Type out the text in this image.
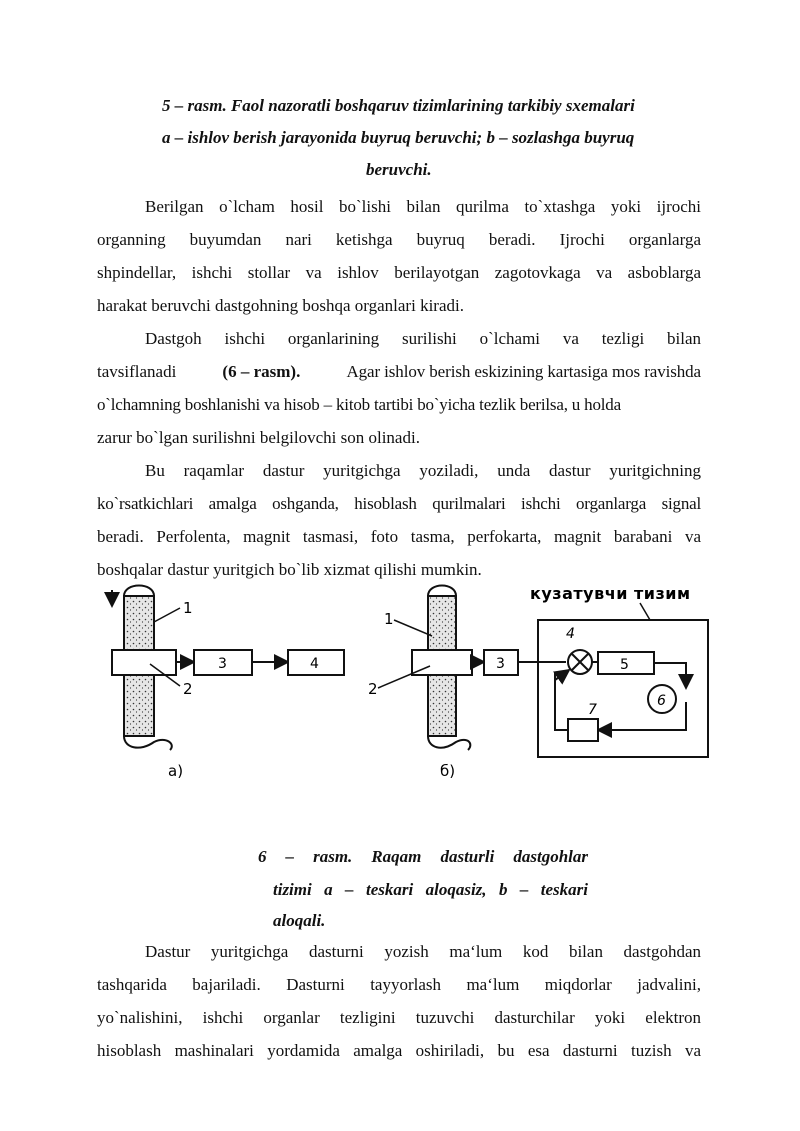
5 – rasm. Faol nazoratli boshqaruv tizimlarining tarkibiy sxemalari
a – ishlov berish jarayonida buyruq beruvchi; b – sozlashga buyruq
beruvchi.
Berilgan o`lcham hosil bo`lishi bilan qurilma to`xtashga yoki ijrochi
organning buyumdan nari ketishga buyruq beradi. Ijrochi organlarga
shpindellar, ishchi stollar va ishlov berilayotgan zagotovkaga va asboblarga
harakat beruvchi dastgohning boshqa organlari kiradi.
Dastgoh ishchi organlarining surilishi o`lchami va tezligi bilan
tavsiflanadi	(6 – rasm).	Agar ishlov berish eskizining kartasiga mos ravishda
o`lchamning boshlanishi va hisob – kitob tartibi bo`yicha tezlik berilsa, u holda
zarur bo`lgan surilishni belgilovchi son olinadi.
Bu raqamlar dastur yuritgichga yoziladi, unda dastur yuritgichning
ko`rsatkichlari amalga oshganda, hisoblash qurilmalari ishchi organlarga signal
beradi. Perfolenta, magnit tasmasi, foto tasma, perfokarta, magnit barabani va
boshqalar dastur yuritgich bo`lib xizmat qilishi mumkin.
1
2
3	4
а)
1
2
3
кузатувчи тизим
4
5
6
7
б)
6 – rasm. Raqam dasturli dastgohlar
tizimi a – teskari aloqasiz, b – teskari
aloqali.
Dastur yuritgichga dasturni yozish ma‘lum kod bilan dastgohdan
tashqarida bajariladi. Dasturni tayyorlash ma‘lum miqdorlar jadvalini,
yo`nalishini, ishchi organlar tezligini tuzuvchi dasturchilar yoki elektron
hisoblash mashinalari yordamida amalga oshiriladi, bu esa dasturni tuzish va
